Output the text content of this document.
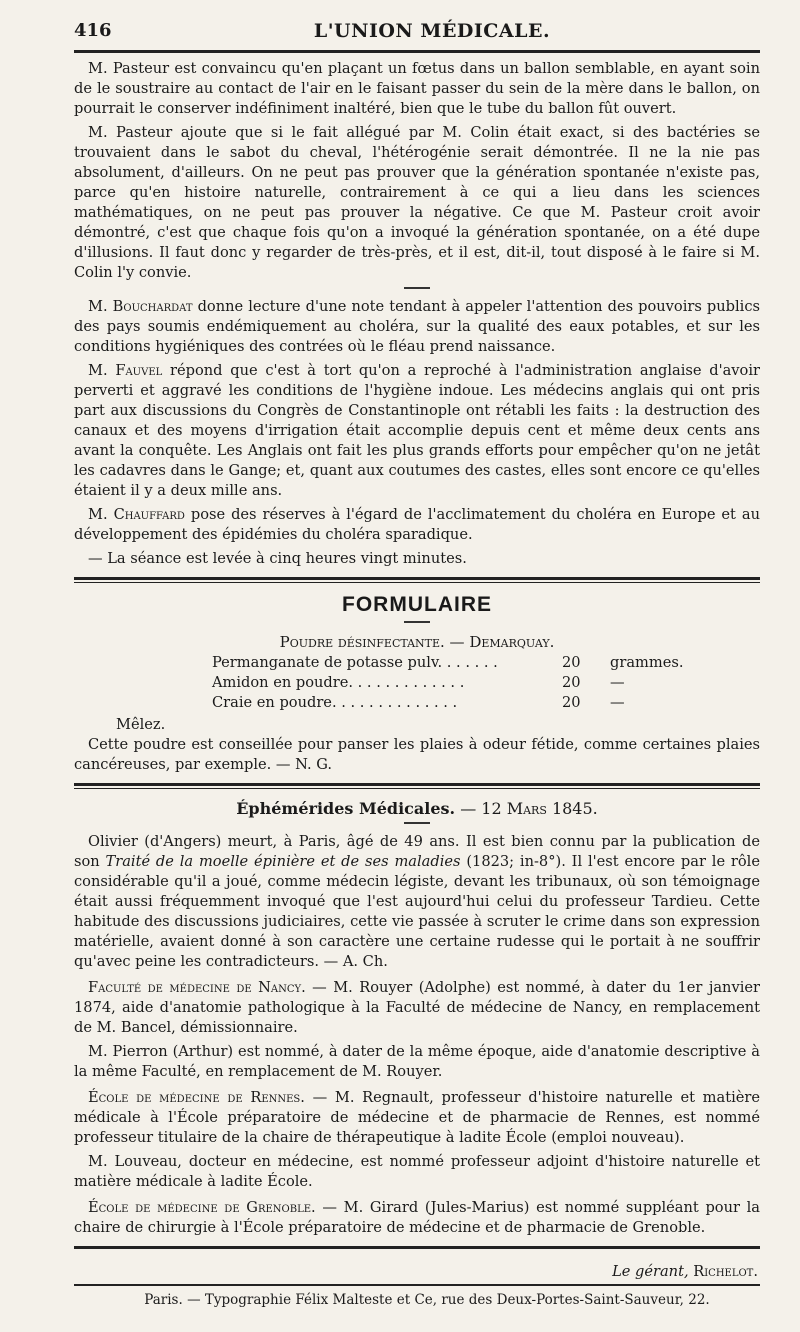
416	L'UNION MÉDICALE.

M. Pasteur est convaincu qu'en plaçant un fœtus dans un ballon semblable, en ayant soin de le soustraire au contact de l'air en le faisant passer du sein de la mère dans le ballon, on pourrait le conserver indéfiniment inaltéré, bien que le tube du ballon fût ouvert.

M. Pasteur ajoute que si le fait allégué par M. Colin était exact, si des bactéries se trouvaient dans le sabot du cheval, l'hétérogénie serait démontrée. Il ne la nie pas absolument, d'ailleurs. On ne peut pas prouver que la génération spontanée n'existe pas, parce qu'en histoire naturelle, contrairement à ce qui a lieu dans les sciences mathématiques, on ne peut pas prouver la négative. Ce que M. Pasteur croit avoir démontré, c'est que chaque fois qu'on a invoqué la génération spontanée, on a été dupe d'illusions. Il faut donc y regarder de très-près, et il est, dit-il, tout disposé à le faire si M. Colin l'y convie.

M. Bouchardat donne lecture d'une note tendant à appeler l'attention des pouvoirs publics des pays soumis endémiquement au choléra, sur la qualité des eaux potables, et sur les conditions hygiéniques des contrées où le fléau prend naissance.

M. Fauvel répond que c'est à tort qu'on a reproché à l'administration anglaise d'avoir perverti et aggravé les conditions de l'hygiène indoue. Les médecins anglais qui ont pris part aux discussions du Congrès de Constantinople ont rétabli les faits : la destruction des canaux et des moyens d'irrigation était accomplie depuis cent et même deux cents ans avant la conquête. Les Anglais ont fait les plus grands efforts pour empêcher qu'on ne jetât les cadavres dans le Gange; et, quant aux coutumes des castes, elles sont encore ce qu'elles étaient il y a deux mille ans.

M. Chauffard pose des réserves à l'égard de l'acclimatement du choléra en Europe et au développement des épidémies du choléra sparadique.

— La séance est levée à cinq heures vingt minutes.

FORMULAIRE
Poudre désinfectante. — Demarquay.
Permanganate de potasse pulv. . . . . . .	20	grammes.
Amidon en poudre. . . . . . . . . . . . .	20	—
Craie en poudre. . . . . . . . . . . . . .	20	—
Mêlez.

Cette poudre est conseillée pour panser les plaies à odeur fétide, comme certaines plaies cancéreuses, par exemple. — N. G.

Éphémérides Médicales. — 12 Mars 1845.

Olivier (d'Angers) meurt, à Paris, âgé de 49 ans. Il est bien connu par la publication de son Traité de la moelle épinière et de ses maladies (1823; in-8°). Il l'est encore par le rôle considérable qu'il a joué, comme médecin légiste, devant les tribunaux, où son témoignage était aussi fréquemment invoqué que l'est aujourd'hui celui du professeur Tardieu. Cette habitude des discussions judiciaires, cette vie passée à scruter le crime dans son expression matérielle, avaient donné à son caractère une certaine rudesse qui le portait à ne souffrir qu'avec peine les contradicteurs. — A. Ch.

Faculté de médecine de Nancy. — M. Rouyer (Adolphe) est nommé, à dater du 1er janvier 1874, aide d'anatomie pathologique à la Faculté de médecine de Nancy, en remplacement de M. Bancel, démissionnaire.

M. Pierron (Arthur) est nommé, à dater de la même époque, aide d'anatomie descriptive à la même Faculté, en remplacement de M. Rouyer.

École de médecine de Rennes. — M. Regnault, professeur d'histoire naturelle et matière médicale à l'École préparatoire de médecine et de pharmacie de Rennes, est nommé professeur titulaire de la chaire de thérapeutique à ladite École (emploi nouveau).

M. Louveau, docteur en médecine, est nommé professeur adjoint d'histoire naturelle et matière médicale à ladite École.

École de médecine de Grenoble. — M. Girard (Jules-Marius) est nommé suppléant pour la chaire de chirurgie à l'École préparatoire de médecine et de pharmacie de Grenoble.

Le gérant, Richelot.
Paris. — Typographie Félix Malteste et Ce, rue des Deux-Portes-Saint-Sauveur, 22.
